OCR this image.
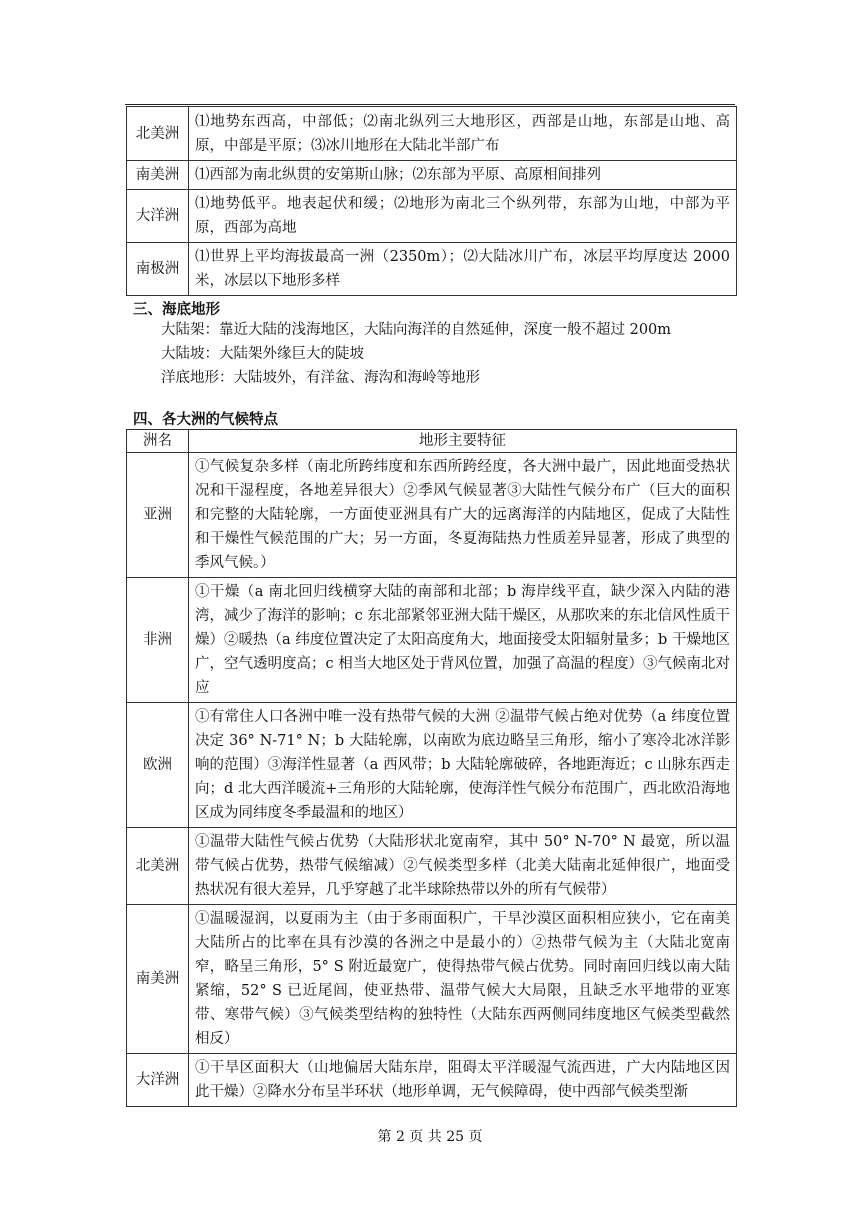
北美洲	⑴地势东西高，中部低；⑵南北纵列三大地形区，西部是山地，东部是山地、高原，中部是平原；⑶冰川地形在大陆北半部广布
南美洲	⑴西部为南北纵贯的安第斯山脉；⑵东部为平原、高原相间排列
大洋洲	⑴地势低平。地表起伏和缓；⑵地形为南北三个纵列带，东部为山地，中部为平原，西部为高地
南极洲	⑴世界上平均海拔最高一洲（2350m）；⑵大陆冰川广布，冰层平均厚度达 2000 米，冰层以下地形多样
三、海底地形
大陆架：靠近大陆的浅海地区，大陆向海洋的自然延伸，深度一般不超过 200m
大陆坡：大陆架外缘巨大的陡坡
洋底地形：大陆坡外，有洋盆、海沟和海岭等地形
四、各大洲的气候特点
洲名	地形主要特征
亚洲	①气候复杂多样（南北所跨纬度和东西所跨经度，各大洲中最广，因此地面受热状况和干湿程度，各地差异很大）②季风气候显著③大陆性气候分布广（巨大的面积和完整的大陆轮廓，一方面使亚洲具有广大的远离海洋的内陆地区，促成了大陆性和干燥性气候范围的广大；另一方面，冬夏海陆热力性质差异显著，形成了典型的季风气候。）
非洲	①干燥（a 南北回归线横穿大陆的南部和北部；b 海岸线平直，缺少深入内陆的港湾，减少了海洋的影响；c 东北部紧邻亚洲大陆干燥区，从那吹来的东北信风性质干燥）②暖热（a 纬度位置决定了太阳高度角大，地面接受太阳辐射量多；b 干燥地区广，空气透明度高；c 相当大地区处于背风位置，加强了高温的程度）③气候南北对应
欧洲	①有常住人口各洲中唯一没有热带气候的大洲 ②温带气候占绝对优势（a 纬度位置决定 36° N-71° N；b 大陆轮廓，以南欧为底边略呈三角形，缩小了寒冷北冰洋影响的范围）③海洋性显著（a 西风带；b 大陆轮廓破碎，各地距海近；c 山脉东西走向；d 北大西洋暖流+三角形的大陆轮廓，使海洋性气候分布范围广，西北欧沿海地区成为同纬度冬季最温和的地区）
北美洲	①温带大陆性气候占优势（大陆形状北宽南窄，其中 50° N-70° N 最宽，所以温带气候占优势，热带气候缩减）②气候类型多样（北美大陆南北延伸很广，地面受热状况有很大差异，几乎穿越了北半球除热带以外的所有气候带）
南美洲	①温暖湿润，以夏雨为主（由于多雨面积广，干旱沙漠区面积相应狭小，它在南美大陆所占的比率在具有沙漠的各洲之中是最小的）②热带气候为主（大陆北宽南窄，略呈三角形，5° S 附近最宽广，使得热带气候占优势。同时南回归线以南大陆紧缩，52° S 已近尾闾，使亚热带、温带气候大大局限，且缺乏水平地带的亚寒带、寒带气候）③气候类型结构的独特性（大陆东西两侧同纬度地区气候类型截然相反）
大洋洲	①干旱区面积大（山地偏居大陆东岸，阻碍太平洋暖湿气流西进，广大内陆地区因此干燥）②降水分布呈半环状（地形单调，无气候障碍，使中西部气候类型渐
第 2 页 共 25 页
